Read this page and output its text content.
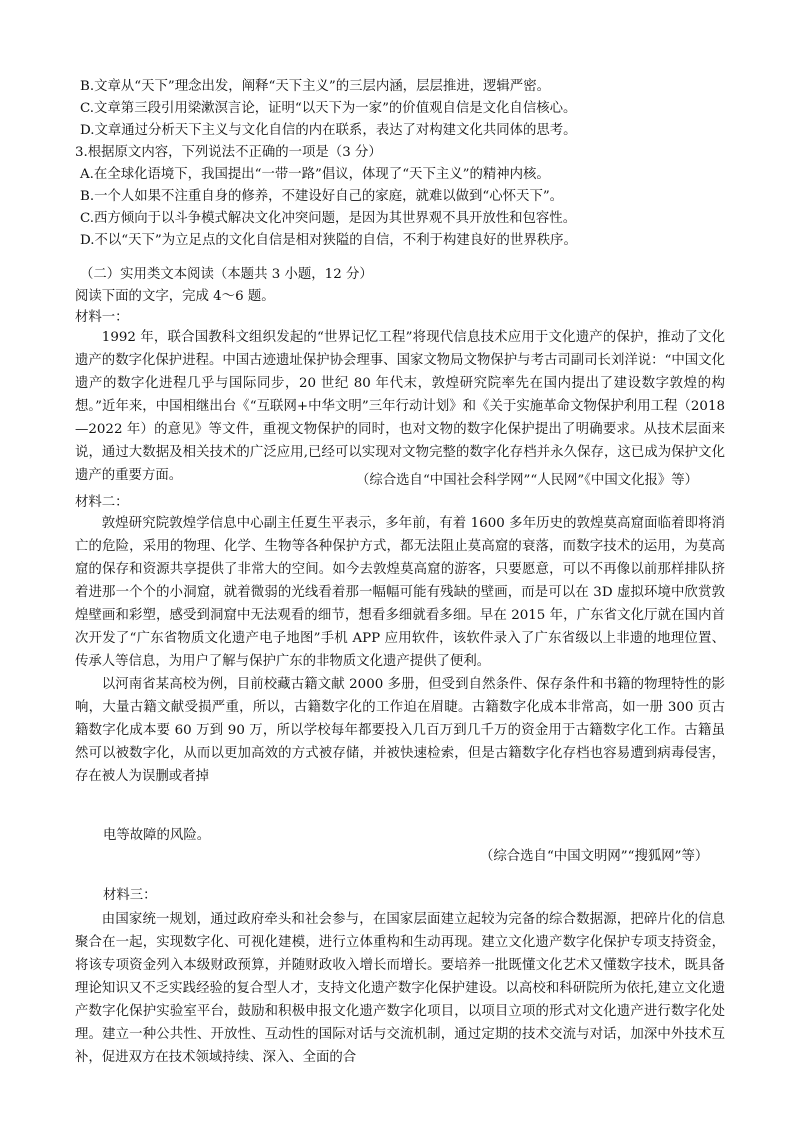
B.文章从“天下”理念出发，阐释“天下主义”的三层内涵，层层推进，逻辑严密。
C.文章第三段引用梁漱溟言论，证明“以天下为一家”的价值观自信是文化自信核心。
D.文章通过分析天下主义与文化自信的内在联系，表达了对构建文化共同体的思考。
3.根据原文内容，下列说法不正确的一项是（3 分）
A.在全球化语境下，我国提出“一带一路”倡议，体现了“天下主义”的精神内核。
B.一个人如果不注重自身的修养，不建设好自己的家庭，就难以做到“心怀天下”。
C.西方倾向于以斗争模式解决文化冲突问题，是因为其世界观不具开放性和包容性。
D.不以“天下”为立足点的文化自信是相对狭隘的自信，不利于构建良好的世界秩序。
（二）实用类文本阅读（本题共 3 小题，12 分）
阅读下面的文字，完成 4～6 题。
材料一：

1992 年，联合国教科文组织发起的“世界记忆工程”将现代信息技术应用于文化遗产的保护，推动了文化遗产的数字化保护进程。中国古迹遗址保护协会理事、国家文物局文物保护与考古司副司长刘洋说：“中国文化遗产的数字化进程几乎与国际同步，20 世纪 80 年代末，敦煌研究院率先在国内提出了建设数字敦煌的构想。”近年来，中国相继出台《“互联网+中华文明”三年行动计划》和《关于实施革命文物保护利用工程（2018 —2022 年）的意见》等文件，重视文物保护的同时，也对文物的数字化保护提出了明确要求。从技术层面来说，通过大数据及相关技术的广泛应用,已经可以实现对文物完整的数字化存档并永久保存，这已成为保护文化遗产的重要方面。	（综合选自“中国社会科学网”“人民网”《中国文化报》等）
材料二：

敦煌研究院敦煌学信息中心副主任夏生平表示，多年前，有着 1600 多年历史的敦煌莫高窟面临着即将消亡的危险，采用的物理、化学、生物等各种保护方式，都无法阻止莫高窟的衰落，而数字技术的运用，为莫高窟的保存和资源共享提供了非常大的空间。如今去敦煌莫高窟的游客，只要愿意，可以不再像以前那样排队挤着进那一个个的小洞窟，就着微弱的光线看着那一幅幅可能有残缺的壁画，而是可以在 3D 虚拟环境中欣赏敦煌壁画和彩塑，感受到洞窟中无法观看的细节，想看多细就看多细。早在 2015 年，广东省文化厅就在国内首次开发了“广东省物质文化遗产电子地图”手机 APP 应用软件，该软件录入了广东省级以上非遗的地理位置、传承人等信息，为用户了解与保护广东的非物质文化遗产提供了便利。

以河南省某高校为例，目前校藏古籍文献 2000 多册，但受到自然条件、保存条件和书籍的物理特性的影响，大量古籍文献受损严重，所以，古籍数字化的工作迫在眉睫。古籍数字化成本非常高，如一册 300 页古籍数字化成本要 60 万到 90 万，所以学校每年都要投入几百万到几千万的资金用于古籍数字化工作。古籍虽然可以被数字化，从而以更加高效的方式被存储，并被快速检索，但是古籍数字化存档也容易遭到病毒侵害，存在被人为误删或者掉

电等故障的风险。
（综合选自“中国文明网”“搜狐网”等）
材料三：

由国家统一规划，通过政府牵头和社会参与，在国家层面建立起较为完备的综合数据源，把碎片化的信息聚合在一起，实现数字化、可视化建模，进行立体重构和生动再现。建立文化遗产数字化保护专项支持资金，将该专项资金列入本级财政预算，并随财政收入增长而增长。要培养一批既懂文化艺术又懂数字技术，既具备理论知识又不乏实践经验的复合型人才，支持文化遗产数字化保护建设。以高校和科研院所为依托,建立文化遗产数字化保护实验室平台，鼓励和积极申报文化遗产数字化项目，以项目立项的形式对文化遗产进行数字化处理。建立一种公共性、开放性、互动性的国际对话与交流机制，通过定期的技术交流与对话，加深中外技术互补，促进双方在技术领域持续、深入、全面的合
